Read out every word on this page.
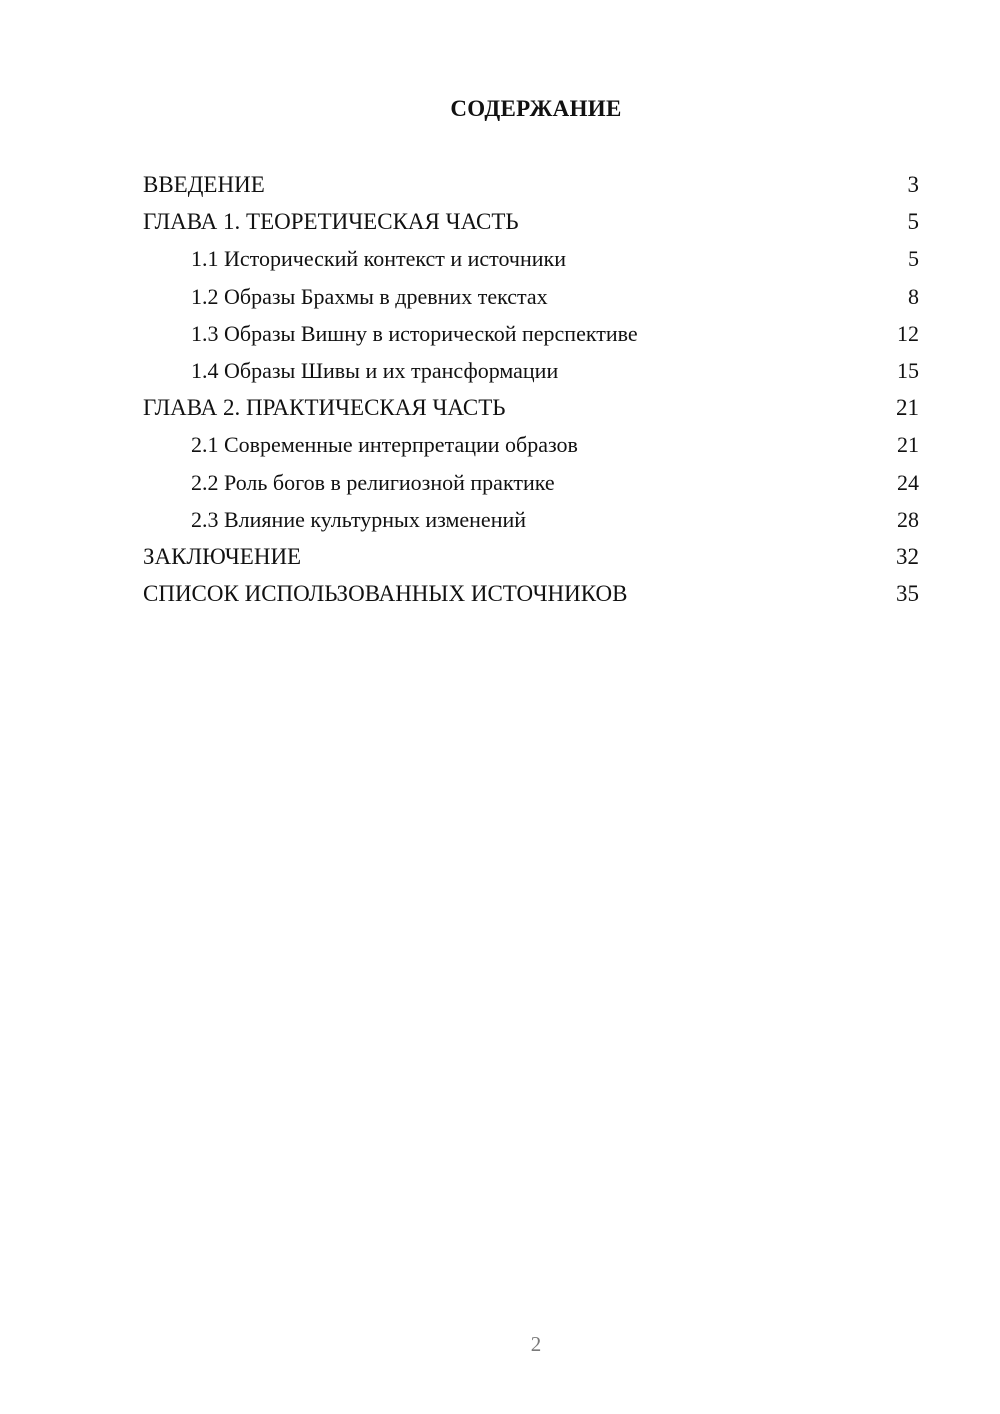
СОДЕРЖАНИЕ
ВВЕДЕНИЕ	3
ГЛАВА 1. ТЕОРЕТИЧЕСКАЯ ЧАСТЬ	5
1.1 Исторический контекст и источники	5
1.2 Образы Брахмы в древних текстах	8
1.3 Образы Вишну в исторической перспективе	12
1.4 Образы Шивы и их трансформации	15
ГЛАВА 2. ПРАКТИЧЕСКАЯ ЧАСТЬ	21
2.1 Современные интерпретации образов	21
2.2 Роль богов в религиозной практике	24
2.3 Влияние культурных изменений	28
ЗАКЛЮЧЕНИЕ	32
СПИСОК ИСПОЛЬЗОВАННЫХ ИСТОЧНИКОВ	35
2
